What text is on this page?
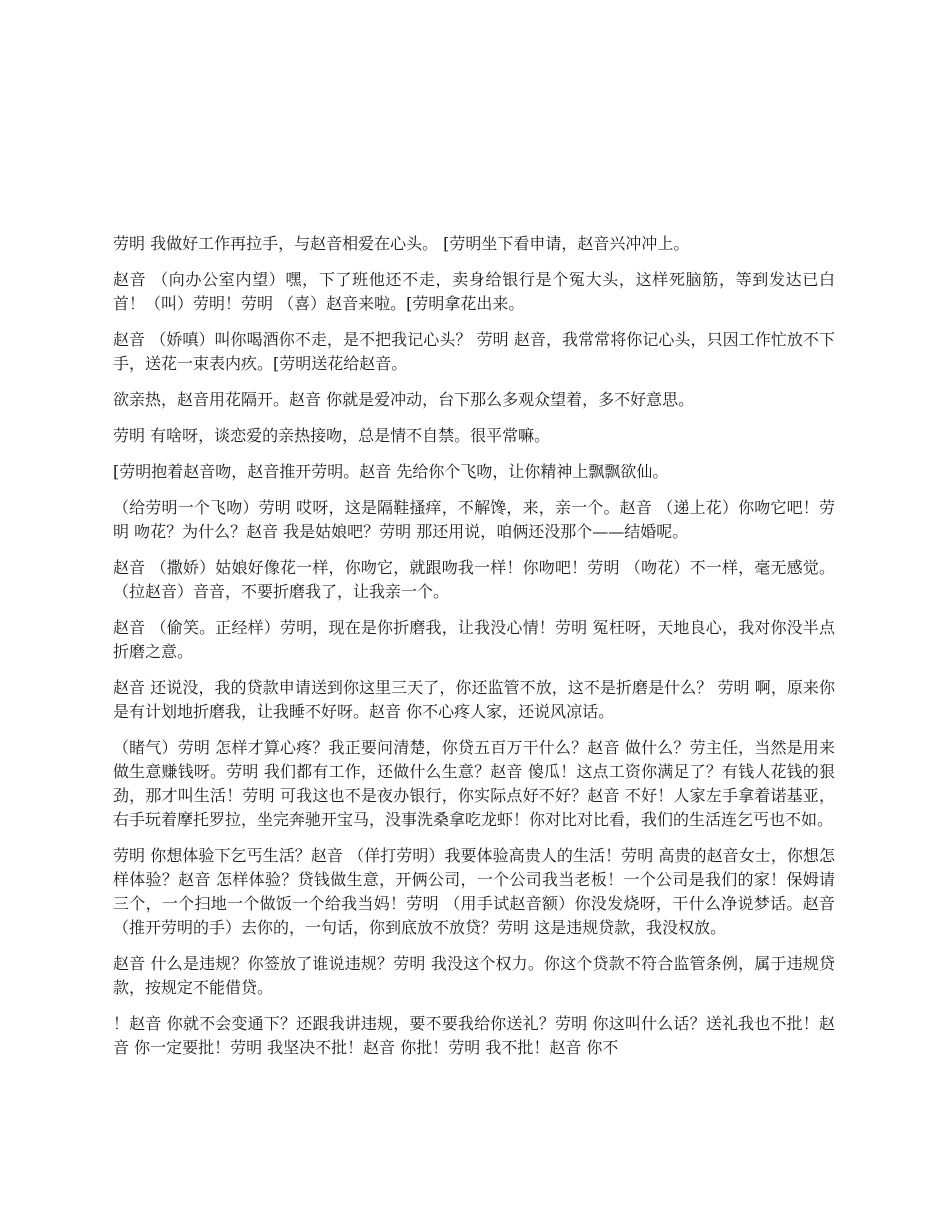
劳明 我做好工作再拉手，与赵音相爱在心头。 [劳明坐下看申请，赵音兴冲冲上。

赵音 （向办公室内望）嘿，下了班他还不走，卖身给银行是个冤大头，这样死脑筋，等到发达已白首！（叫）劳明！劳明 （喜）赵音来啦。[劳明拿花出来。

赵音 （娇嗔）叫你喝酒你不走，是不把我记心头？ 劳明 赵音，我常常将你记心头，只因工作忙放不下手，送花一束表内疚。[劳明送花给赵音。

欲亲热，赵音用花隔开。赵音 你就是爱冲动，台下那么多观众望着，多不好意思。

劳明 有啥呀，谈恋爱的亲热接吻，总是情不自禁。很平常嘛。

[劳明抱着赵音吻，赵音推开劳明。赵音 先给你个飞吻，让你精神上飘飘欲仙。

（给劳明一个飞吻）劳明 哎呀，这是隔鞋搔痒，不解馋，来，亲一个。赵音 （递上花）你吻它吧！劳明 吻花？为什么？赵音 我是姑娘吧？劳明 那还用说，咱俩还没那个——结婚呢。

赵音 （撒娇）姑娘好像花一样，你吻它，就跟吻我一样！你吻吧！劳明 （吻花）不一样，毫无感觉。（拉赵音）音音，不要折磨我了，让我亲一个。

赵音 （偷笑。正经样）劳明，现在是你折磨我，让我没心情！劳明 冤枉呀，天地良心，我对你没半点折磨之意。

赵音 还说没，我的贷款申请送到你这里三天了，你还监管不放，这不是折磨是什么？ 劳明 啊，原来你是有计划地折磨我，让我睡不好呀。赵音 你不心疼人家，还说风凉话。

（睹气）劳明 怎样才算心疼？我正要问清楚，你贷五百万干什么？赵音 做什么？劳主任，当然是用来做生意赚钱呀。劳明 我们都有工作，还做什么生意？赵音 傻瓜！这点工资你满足了？有钱人花钱的狠劲，那才叫生活！劳明 可我这也不是夜办银行，你实际点好不好？赵音 不好！人家左手拿着诺基亚，右手玩着摩托罗拉，坐完奔驰开宝马，没事洗桑拿吃龙虾！你对比对比看，我们的生活连乞丐也不如。

劳明 你想体验下乞丐生活？赵音 （佯打劳明）我要体验高贵人的生活！劳明 高贵的赵音女士，你想怎样体验？赵音 怎样体验？贷钱做生意，开俩公司，一个公司我当老板！一个公司是我们的家！保姆请三个，一个扫地一个做饭一个给我当妈！劳明 （用手试赵音额）你没发烧呀，干什么净说梦话。赵音 （推开劳明的手）去你的，一句话，你到底放不放贷？劳明 这是违规贷款，我没权放。

赵音 什么是违规？你签放了谁说违规？劳明 我没这个权力。你这个贷款不符合监管条例，属于违规贷款，按规定不能借贷。

！赵音 你就不会变通下？还跟我讲违规，要不要我给你送礼？劳明 你这叫什么话？送礼我也不批！赵音 你一定要批！劳明 我坚决不批！赵音 你批！劳明 我不批！赵音 你不
